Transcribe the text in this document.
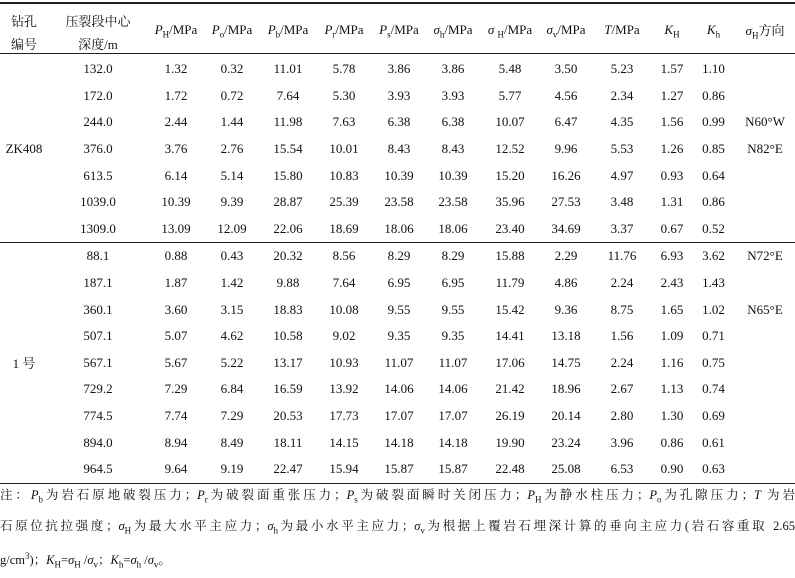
钻孔	压裂段中心	$P_H$/MPa	$P_o$/MPa	$P_b$/MPa	$P_r$/MPa	$P_s$/MPa	$\sigma_h$/MPa	σ $_H$/MPa	$\sigma_v$/MPa	T/MPa	$K_H$	$K_h$	$\sigma_H$方向
编号	深度/m												
ZK408	132.0	1.32	0.32	11.01	5.78	3.86	3.86	5.48	3.50	5.23	1.57	1.10	
	172.0	1.72	0.72	7.64	5.30	3.93	3.93	5.77	4.56	2.34	1.27	0.86	
	244.0	2.44	1.44	11.98	7.63	6.38	6.38	10.07	6.47	4.35	1.56	0.99	N60°W
	376.0	3.76	2.76	15.54	10.01	8.43	8.43	12.52	9.96	5.53	1.26	0.85	N82°E
	613.5	6.14	5.14	15.80	10.83	10.39	10.39	15.20	16.26	4.97	0.93	0.64	
	1039.0	10.39	9.39	28.87	25.39	23.58	23.58	35.96	27.53	3.48	1.31	0.86	
	1309.0	13.09	12.09	22.06	18.69	18.06	18.06	23.40	34.69	3.37	0.67	0.52	
1 号	88.1	0.88	0.43	20.32	8.56	8.29	8.29	15.88	2.29	11.76	6.93	3.62	N72°E
	187.1	1.87	1.42	9.88	7.64	6.95	6.95	11.79	4.86	2.24	2.43	1.43	
	360.1	3.60	3.15	18.83	10.08	9.55	9.55	15.42	9.36	8.75	1.65	1.02	N65°E
	507.1	5.07	4.62	10.58	9.02	9.35	9.35	14.41	13.18	1.56	1.09	0.71	
	567.1	5.67	5.22	13.17	10.93	11.07	11.07	17.06	14.75	2.24	1.16	0.75	
	729.2	7.29	6.84	16.59	13.92	14.06	14.06	21.42	18.96	2.67	1.13	0.74	
	774.5	7.74	7.29	20.53	17.73	17.07	17.07	26.19	20.14	2.80	1.30	0.69	
	894.0	8.94	8.49	18.11	14.15	14.18	14.18	19.90	23.24	3.96	0.86	0.61	
	964.5	9.64	9.19	22.47	15.94	15.87	15.87	22.48	25.08	6.53	0.90	0.63	
注：$P_b$为岩石原地破裂压力；$P_r$为破裂面重张压力；$P_s$为破裂面瞬时关闭压力；$P_H$为静水柱压力；$P_o$为孔隙压力；T 为岩
石原位抗拉强度；$\sigma_H$为最大水平主应力；$\sigma_h$为最小水平主应力；$\sigma_v$为根据上覆岩石埋深计算的垂向主应力(岩石容重取 2.65
$g/cm^3$)；$K_H=\sigma_H$ $/\sigma_v$；$K_h=\sigma_h$ $/\sigma_v$。
